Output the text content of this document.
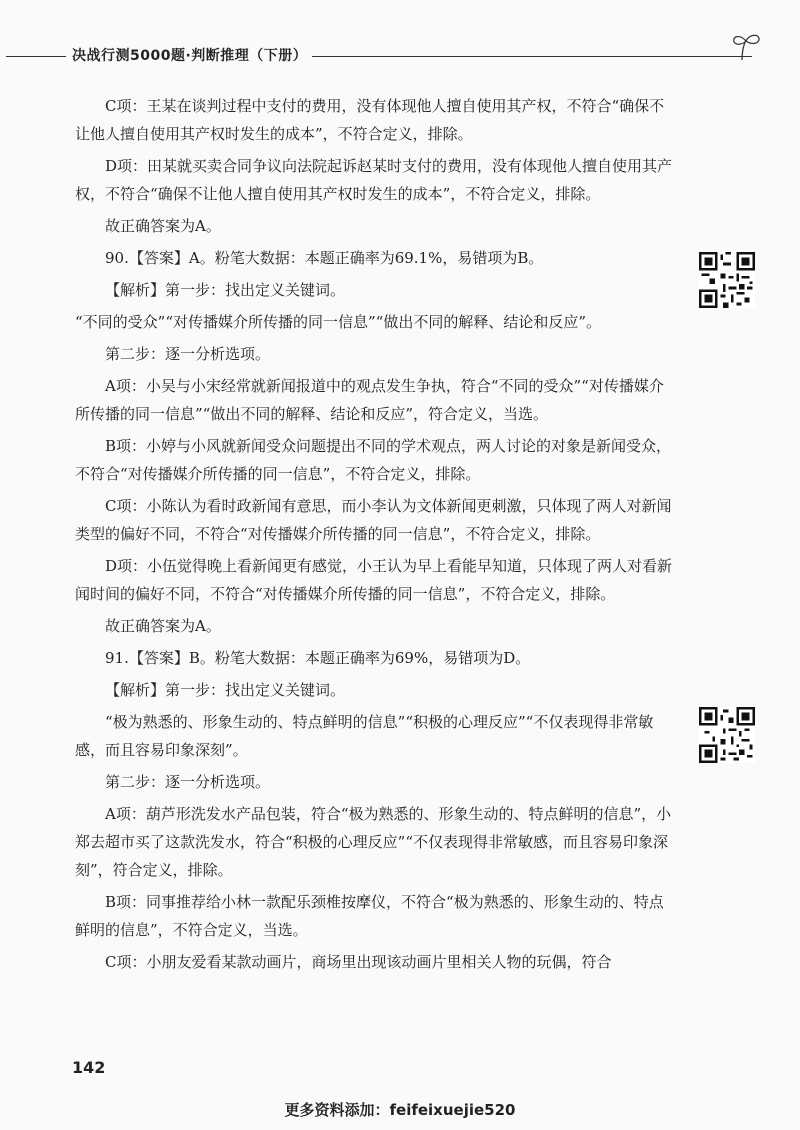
决战行测5000题·判断推理（下册）

C项：王某在谈判过程中支付的费用，没有体现他人擅自使用其产权，不符合“确保不让他人擅自使用其产权时发生的成本”，不符合定义，排除。

D项：田某就买卖合同争议向法院起诉赵某时支付的费用，没有体现他人擅自使用其产权，不符合“确保不让他人擅自使用其产权时发生的成本”，不符合定义，排除。

故正确答案为A。

90.【答案】A。粉笔大数据：本题正确率为69.1%，易错项为B。

【解析】第一步：找出定义关键词。

“不同的受众”“对传播媒介所传播的同一信息”“做出不同的解释、结论和反应”。

第二步：逐一分析选项。

A项：小吴与小宋经常就新闻报道中的观点发生争执，符合“不同的受众”“对传播媒介所传播的同一信息”“做出不同的解释、结论和反应”，符合定义，当选。

B项：小婷与小风就新闻受众问题提出不同的学术观点，两人讨论的对象是新闻受众，不符合“对传播媒介所传播的同一信息”，不符合定义，排除。

C项：小陈认为看时政新闻有意思，而小李认为文体新闻更刺激，只体现了两人对新闻类型的偏好不同，不符合“对传播媒介所传播的同一信息”，不符合定义，排除。

D项：小伍觉得晚上看新闻更有感觉，小王认为早上看能早知道，只体现了两人对看新闻时间的偏好不同，不符合“对传播媒介所传播的同一信息”，不符合定义，排除。

故正确答案为A。

91.【答案】B。粉笔大数据：本题正确率为69%，易错项为D。

【解析】第一步：找出定义关键词。

“极为熟悉的、形象生动的、特点鲜明的信息”“积极的心理反应”“不仅表现得非常敏感，而且容易印象深刻”。

第二步：逐一分析选项。

A项：葫芦形洗发水产品包装，符合“极为熟悉的、形象生动的、特点鲜明的信息”，小郑去超市买了这款洗发水，符合“积极的心理反应”“不仅表现得非常敏感，而且容易印象深刻”，符合定义，排除。

B项：同事推荐给小林一款配乐颈椎按摩仪，不符合“极为熟悉的、形象生动的、特点鲜明的信息”，不符合定义，当选。

C项：小朋友爱看某款动画片，商场里出现该动画片里相关人物的玩偶，符合

142
更多资料添加：feifeixuejie520
